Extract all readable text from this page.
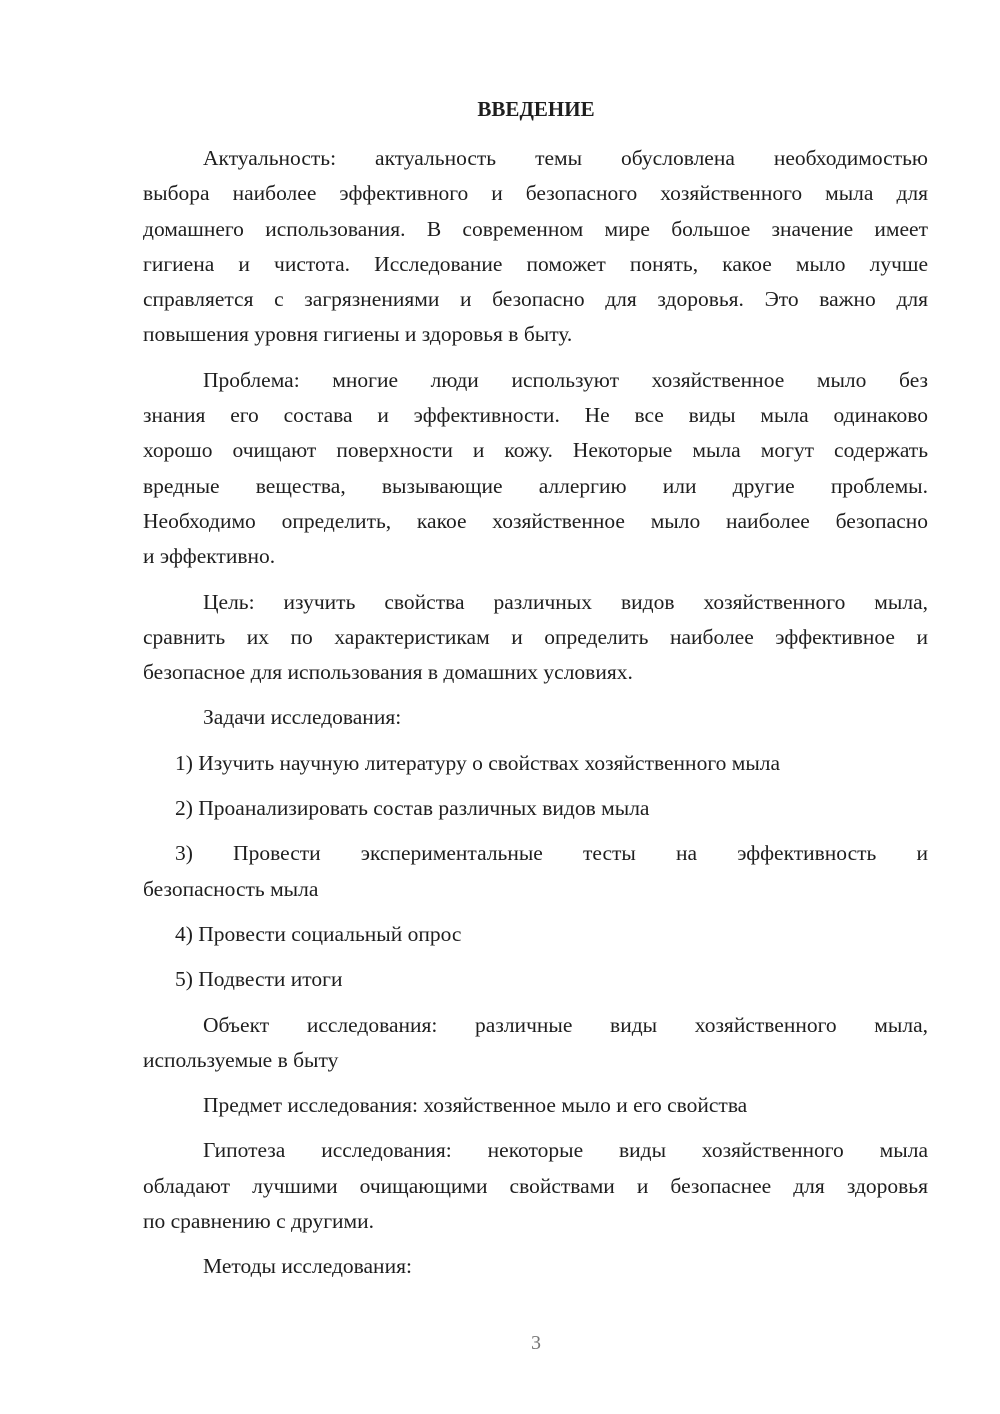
ВВЕДЕНИЕ
Актуальность: актуальность темы обусловлена необходимостью
выбора наиболее эффективного и безопасного хозяйственного мыла для
домашнего использования. В современном мире большое значение имеет
гигиена и чистота. Исследование поможет понять, какое мыло лучше
справляется с загрязнениями и безопасно для здоровья. Это важно для
повышения уровня гигиены и здоровья в быту.
Проблема: многие люди используют хозяйственное мыло без
знания его состава и эффективности. Не все виды мыла одинаково
хорошо очищают поверхности и кожу. Некоторые мыла могут содержать
вредные вещества, вызывающие аллергию или другие проблемы.
Необходимо определить, какое хозяйственное мыло наиболее безопасно
и эффективно.
Цель: изучить свойства различных видов хозяйственного мыла,
сравнить их по характеристикам и определить наиболее эффективное и
безопасное для использования в домашних условиях.
Задачи исследования:
1) Изучить научную литературу о свойствах хозяйственного мыла
2) Проанализировать состав различных видов мыла
3) Провести экспериментальные тесты на эффективность и
безопасность мыла
4) Провести социальный опрос
5) Подвести итоги
Объект исследования: различные виды хозяйственного мыла,
используемые в быту
Предмет исследования: хозяйственное мыло и его свойства
Гипотеза исследования: некоторые виды хозяйственного мыла
обладают лучшими очищающими свойствами и безопаснее для здоровья
по сравнению с другими.
Методы исследования:
3
